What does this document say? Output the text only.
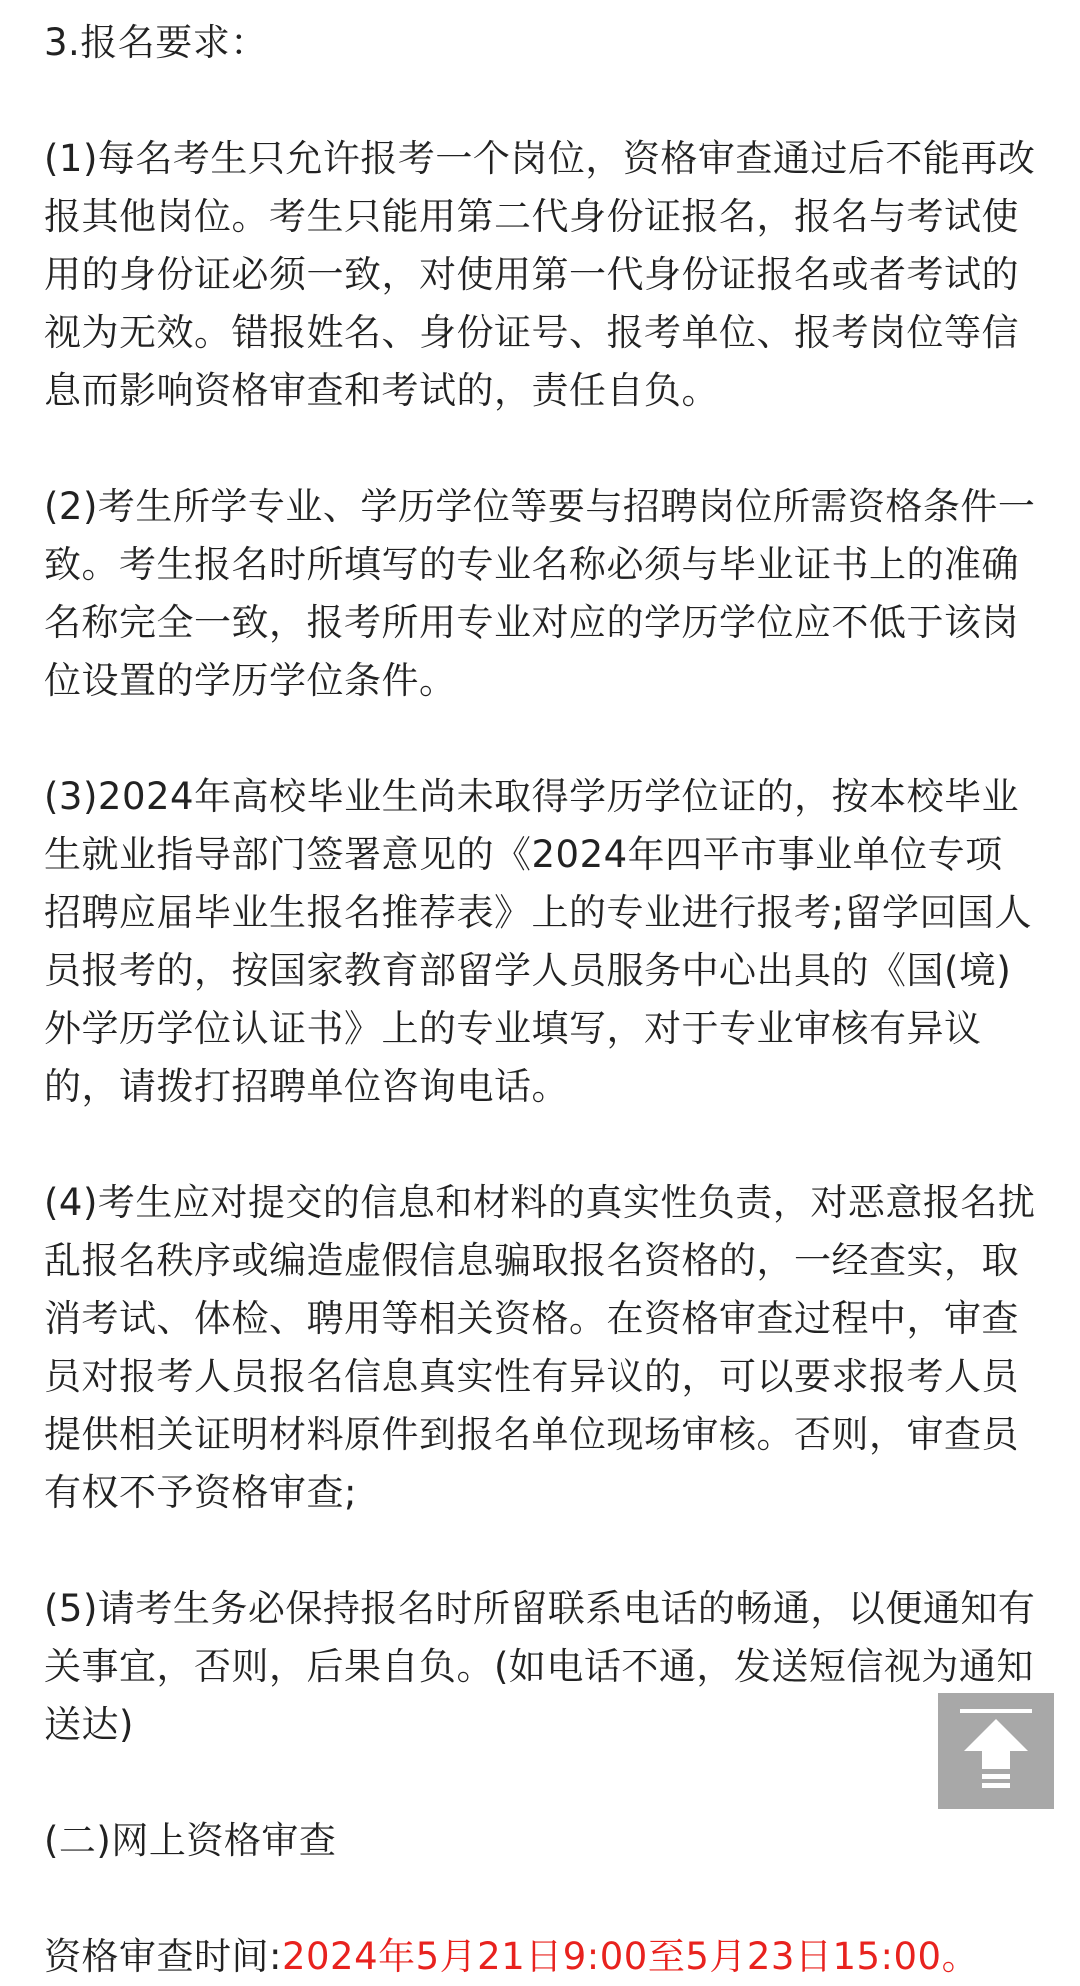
3.报名要求：

(1)每名考生只允许报考一个岗位，资格审查通过后不能再改报其他岗位。考生只能用第二代身份证报名，报名与考试使用的身份证必须一致，对使用第一代身份证报名或者考试的视为无效。错报姓名、身份证号、报考单位、报考岗位等信息而影响资格审查和考试的，责任自负。

(2)考生所学专业、学历学位等要与招聘岗位所需资格条件一致。考生报名时所填写的专业名称必须与毕业证书上的准确名称完全一致，报考所用专业对应的学历学位应不低于该岗位设置的学历学位条件。

(3)2024年高校毕业生尚未取得学历学位证的，按本校毕业生就业指导部门签署意见的《2024年四平市事业单位专项招聘应届毕业生报名推荐表》上的专业进行报考;留学回国人员报考的，按国家教育部留学人员服务中心出具的《国(境)外学历学位认证书》上的专业填写，对于专业审核有异议的，请拨打招聘单位咨询电话。

(4)考生应对提交的信息和材料的真实性负责，对恶意报名扰乱报名秩序或编造虚假信息骗取报名资格的，一经查实，取消考试、体检、聘用等相关资格。在资格审查过程中，审查员对报考人员报名信息真实性有异议的，可以要求报考人员提供相关证明材料原件到报名单位现场审核。否则，审查员有权不予资格审查;

(5)请考生务必保持报名时所留联系电话的畅通，以便通知有关事宜，否则，后果自负。(如电话不通，发送短信视为通知送达)

(二)网上资格审查

资格审查时间:2024年5月21日9:00至5月23日15:00。
